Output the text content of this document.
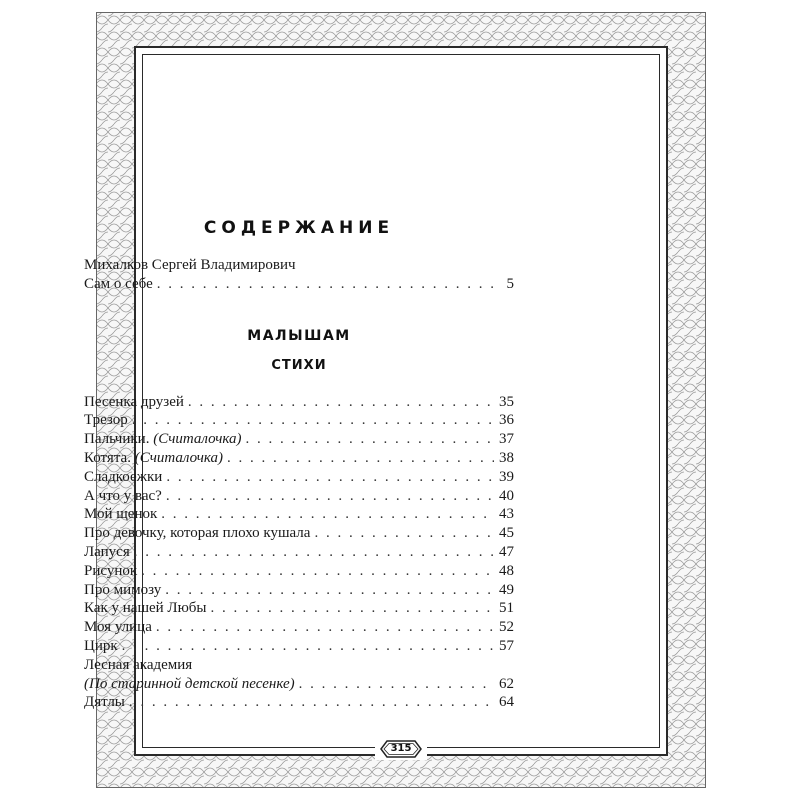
СОДЕРЖАНИЕ
Михалков Сергей Владимирович
Сам о себе . . .	5
МАЛЫШАМ
СТИХИ
Песенка друзей . . .	35
Трезор . . .	36
Пальчики. (Считалочка) . . .	37
Котята. (Считалочка) . . .	38
Сладкоежки . . .	39
А что у вас? . . .	40
Мой щенок . . .	43
Про девочку, которая плохо кушала . . .	45
Лапуся . . .	47
Рисунок . . .	48
Про мимозу . . .	49
Как у нашей Любы . . .	51
Моя улица . . .	52
Цирк . . .	57
Лесная академия
(По старинной детской песенке) . . .	62
Дятлы . . .	64
315
